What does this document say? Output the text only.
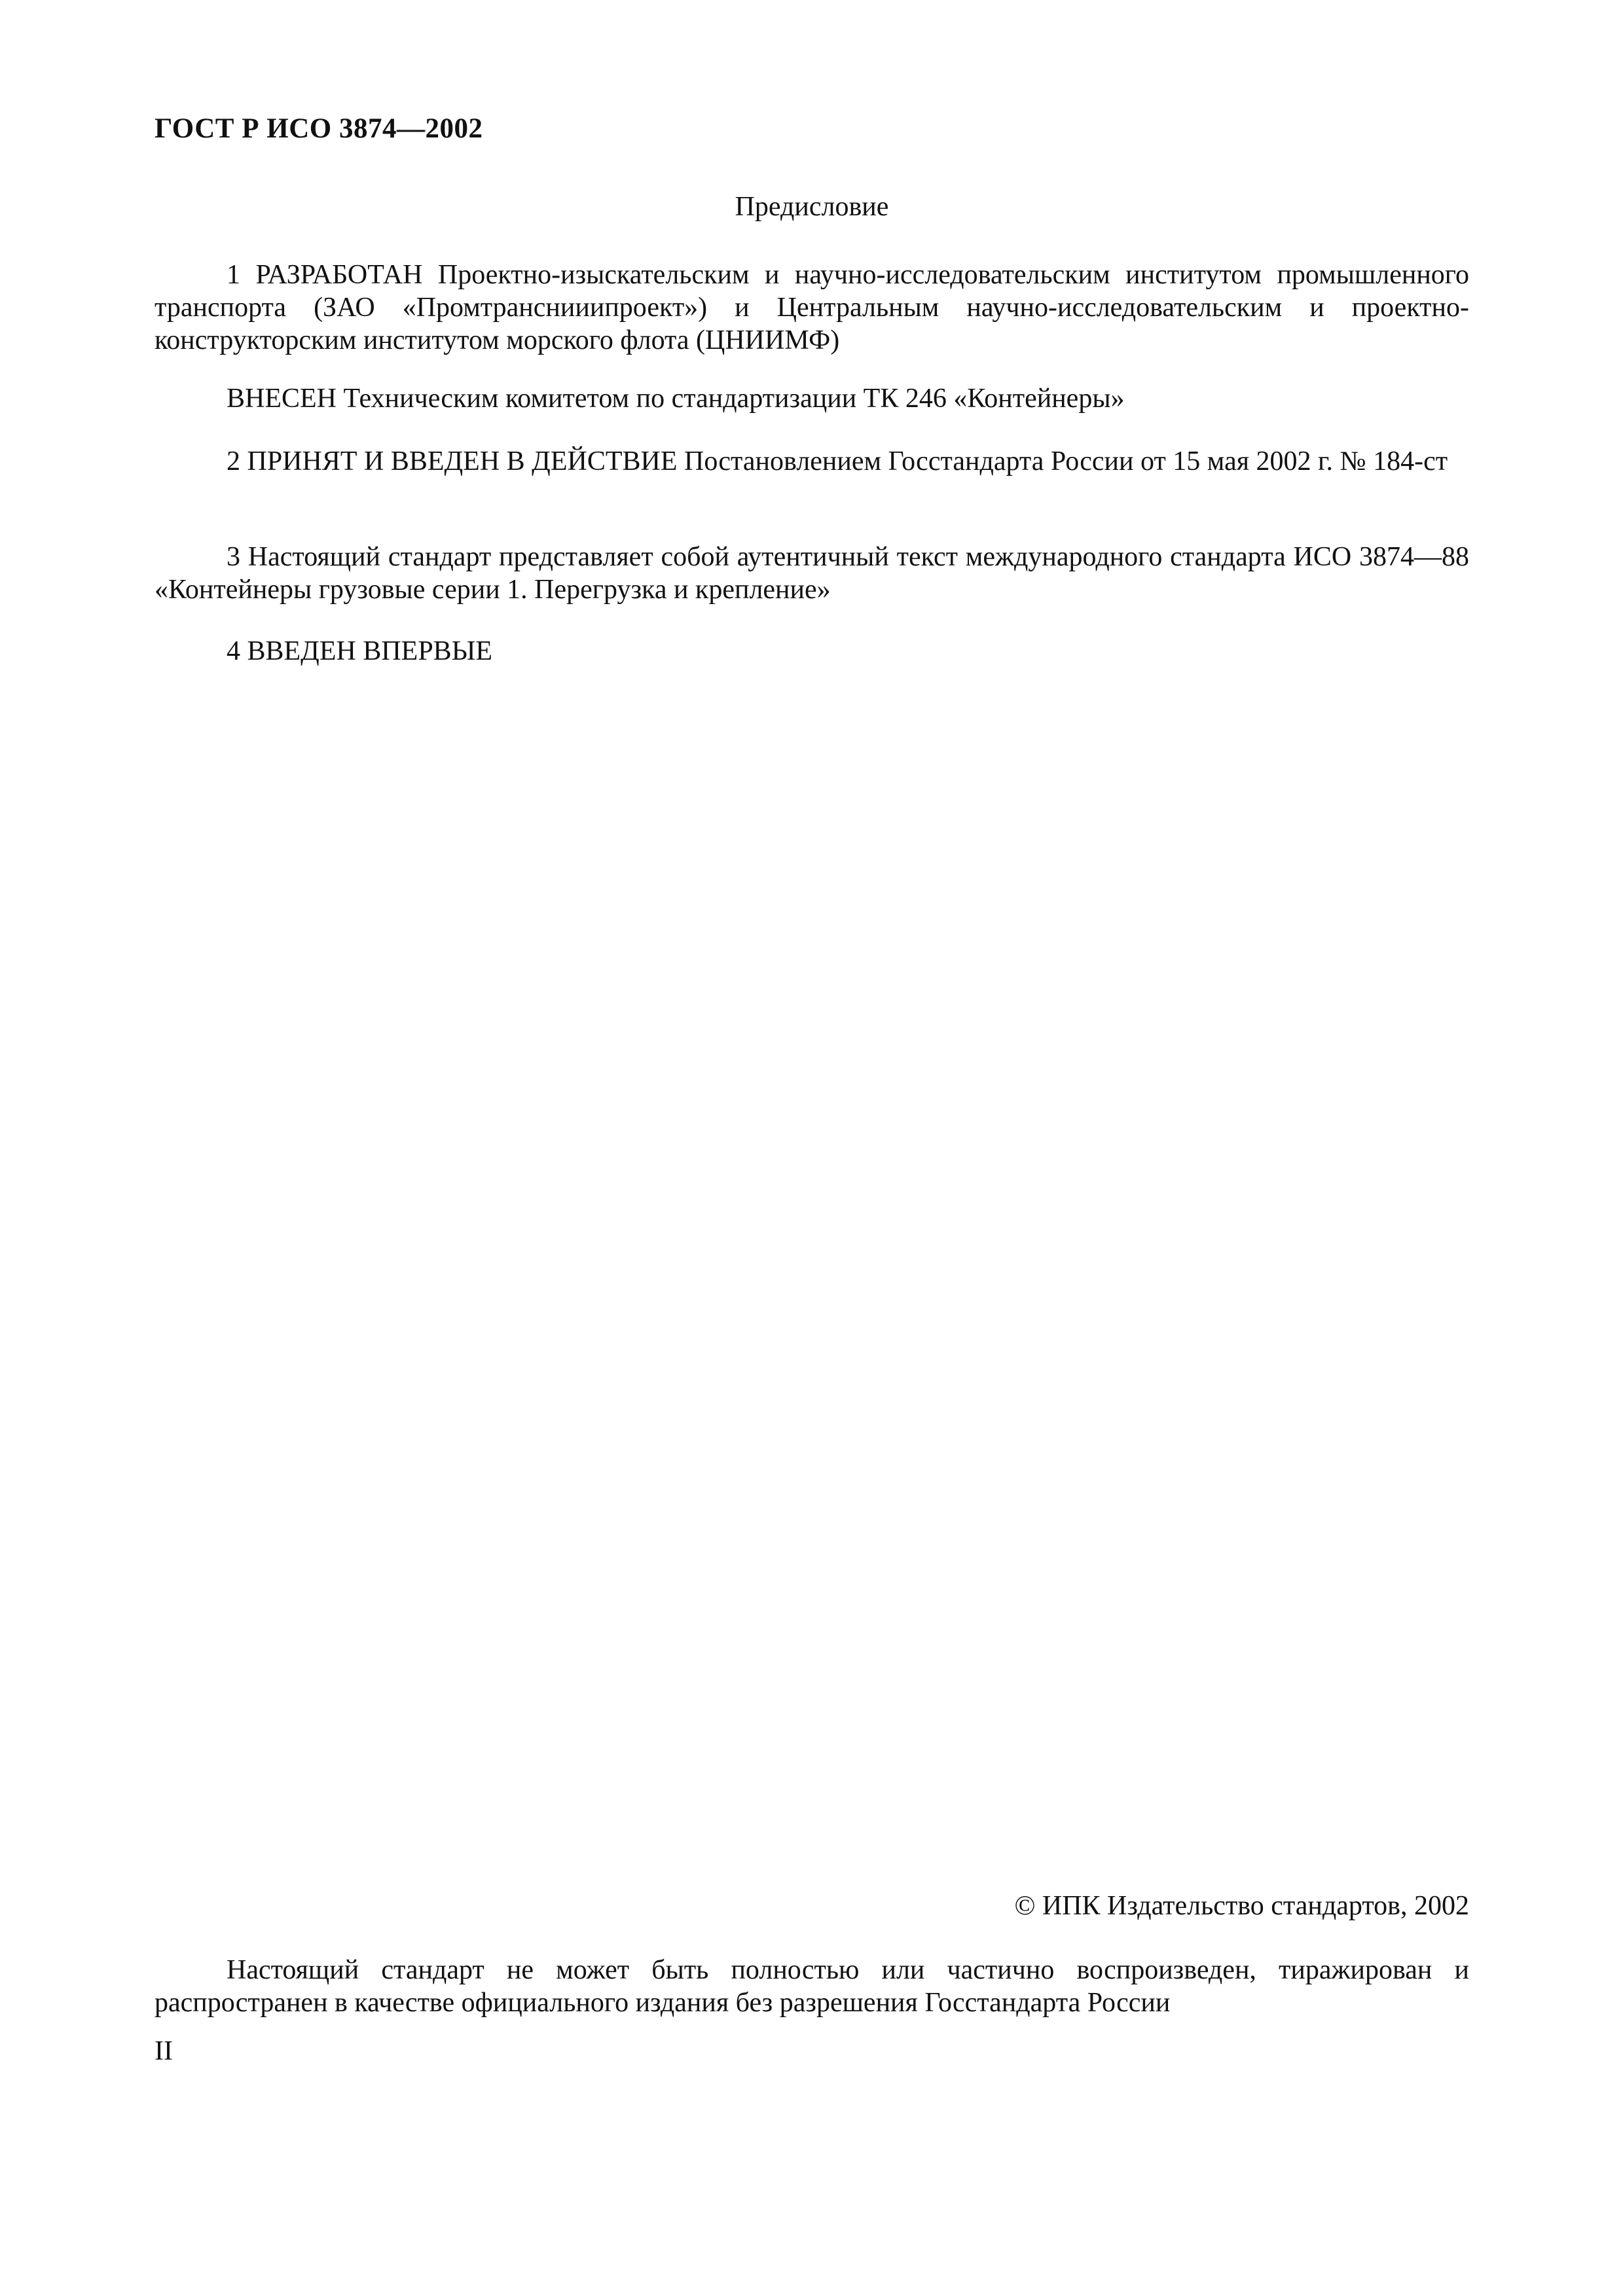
ГОСТ Р ИСО 3874—2002
Предисловие
1 РАЗРАБОТАН Проектно-изыскательским и научно-исследовательским институтом промышленного транспорта (ЗАО «Промтранснииипроект») и Центральным научно-исследовательским и проектно-конструкторским институтом морского флота (ЦНИИМФ)
ВНЕСЕН Техническим комитетом по стандартизации ТК 246 «Контейнеры»
2 ПРИНЯТ И ВВЕДЕН В ДЕЙСТВИЕ Постановлением Госстандарта России от 15 мая 2002 г. № 184-ст
3 Настоящий стандарт представляет собой аутентичный текст международного стандарта ИСО 3874—88 «Контейнеры грузовые серии 1. Перегрузка и крепление»
4 ВВЕДЕН ВПЕРВЫЕ
© ИПК Издательство стандартов, 2002
Настоящий стандарт не может быть полностью или частично воспроизведен, тиражирован и распространен в качестве официального издания без разрешения Госстандарта России
II
